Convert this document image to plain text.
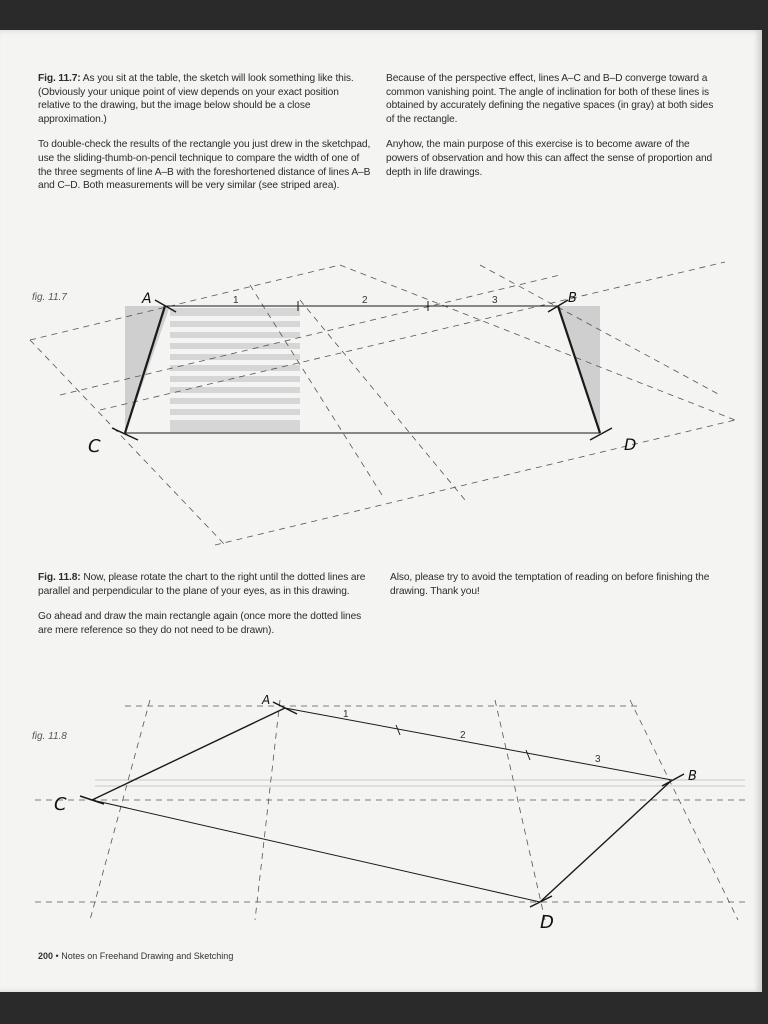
Fig. 11.7: As you sit at the table, the sketch will look something like this. (Obviously your unique point of view depends on your exact position relative to the drawing, but the image below should be a close approximation.)

To double-check the results of the rectangle you just drew in the sketchpad, use the sliding-thumb-on-pencil technique to compare the width of one of the three segments of line A–B with the foreshortened distance of lines A–B and C–D. Both measurements will be very similar (see striped area).

Because of the perspective effect, lines A–C and B–D converge toward a common vanishing point. The angle of inclination for both of these lines is obtained by accurately defining the negative spaces (in gray) at both sides of the rectangle.

Anyhow, the main purpose of this exercise is to become aware of the powers of observation and how this can affect the sense of proportion and depth in life drawings.

fig. 11.7

Fig. 11.8: Now, please rotate the chart to the right until the dotted lines are parallel and perpendicular to the plane of your eyes, as in this drawing.

Go ahead and draw the main rectangle again (once more the dotted lines are mere reference so they do not need to be drawn).

Also, please try to avoid the temptation of reading on before finishing the drawing. Thank you!

fig. 11.8
200 • Notes on Freehand Drawing and Sketching
A	B
C	D
1	2	3
A
B
C
D
1
2
3
